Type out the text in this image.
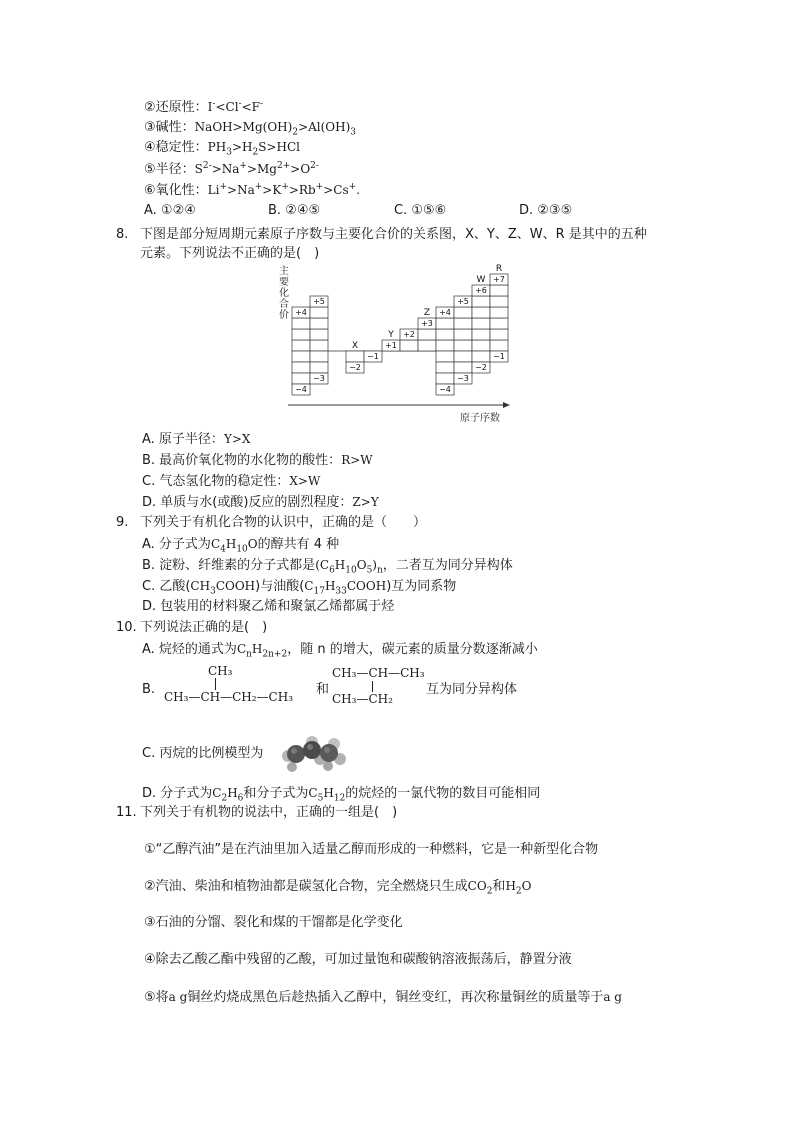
②还原性：I-<Cl-<F-
③碱性：$NaOH>Mg(OH)_2>Al(OH)_3$
④稳定性：$PH_3>H_2S>HCl$
⑤半径：$S^{2-}>Na^+>Mg^{2+}>O^{2-}$
⑥氧化性：Li+>Na+>K+>Rb+>Cs+.
A. ①②④	B. ②④⑤	C. ①⑤⑥	D. ②③⑤
8. 下图是部分短周期元素原子序数与主要化合价的关系图，X、Y、Z、W、R 是其中的五种
元素。下列说法不正确的是(　)
+4
−4
+5
−3
−2
X
−1
+1
Y +2
+3
Z +4
−4
+5
−3
+6
−2
W +7
−1
R
主要化合价
原子序数
A. 原子半径：Y>X
B. 最高价氧化物的水化物的酸性：R>W
C. 气态氢化物的稳定性：X>W
D. 单质与水(或酸)反应的剧烈程度：Z>Y
9. 下列关于有机化合物的认识中，正确的是（　　）
A. 分子式为$C_4H_{10}O$的醇共有 4 种
B. 淀粉、纤维素的分子式都是$(C_6H_{10}O_5)_n$，二者互为同分异构体
C. 乙酸$(CH_3COOH)$与油酸$(C_{17}H_{33}COOH)$互为同系物
D. 包装用的材料聚乙烯和聚氯乙烯都属于烃
10. 下列说法正确的是(　)
A. 烷烃的通式为$C_nH_{2n+2}$，随 n 的增大，碳元素的质量分数逐渐减小
B.
CH₃
CH₃—CH—CH₂—CH₃ 和
CH₃—CH—CH₃
CH₃—CH₂
互为同分异构体
C. 丙烷的比例模型为
D. 分子式为$C_2H_6$和分子式为$C_5H_{12}$的烷烃的一氯代物的数目可能相同
11. 下列关于有机物的说法中，正确的一组是(　)
①“乙醇汽油”是在汽油里加入适量乙醇而形成的一种燃料，它是一种新型化合物
②汽油、柴油和植物油都是碳氢化合物，完全燃烧只生成$CO_2$和$H_2O$
③石油的分馏、裂化和煤的干馏都是化学变化
④除去乙酸乙酯中残留的乙酸，可加过量饱和碳酸钠溶液振荡后，静置分液
⑤将a g铜丝灼烧成黑色后趁热插入乙醇中，铜丝变红，再次称量铜丝的质量等于a g
